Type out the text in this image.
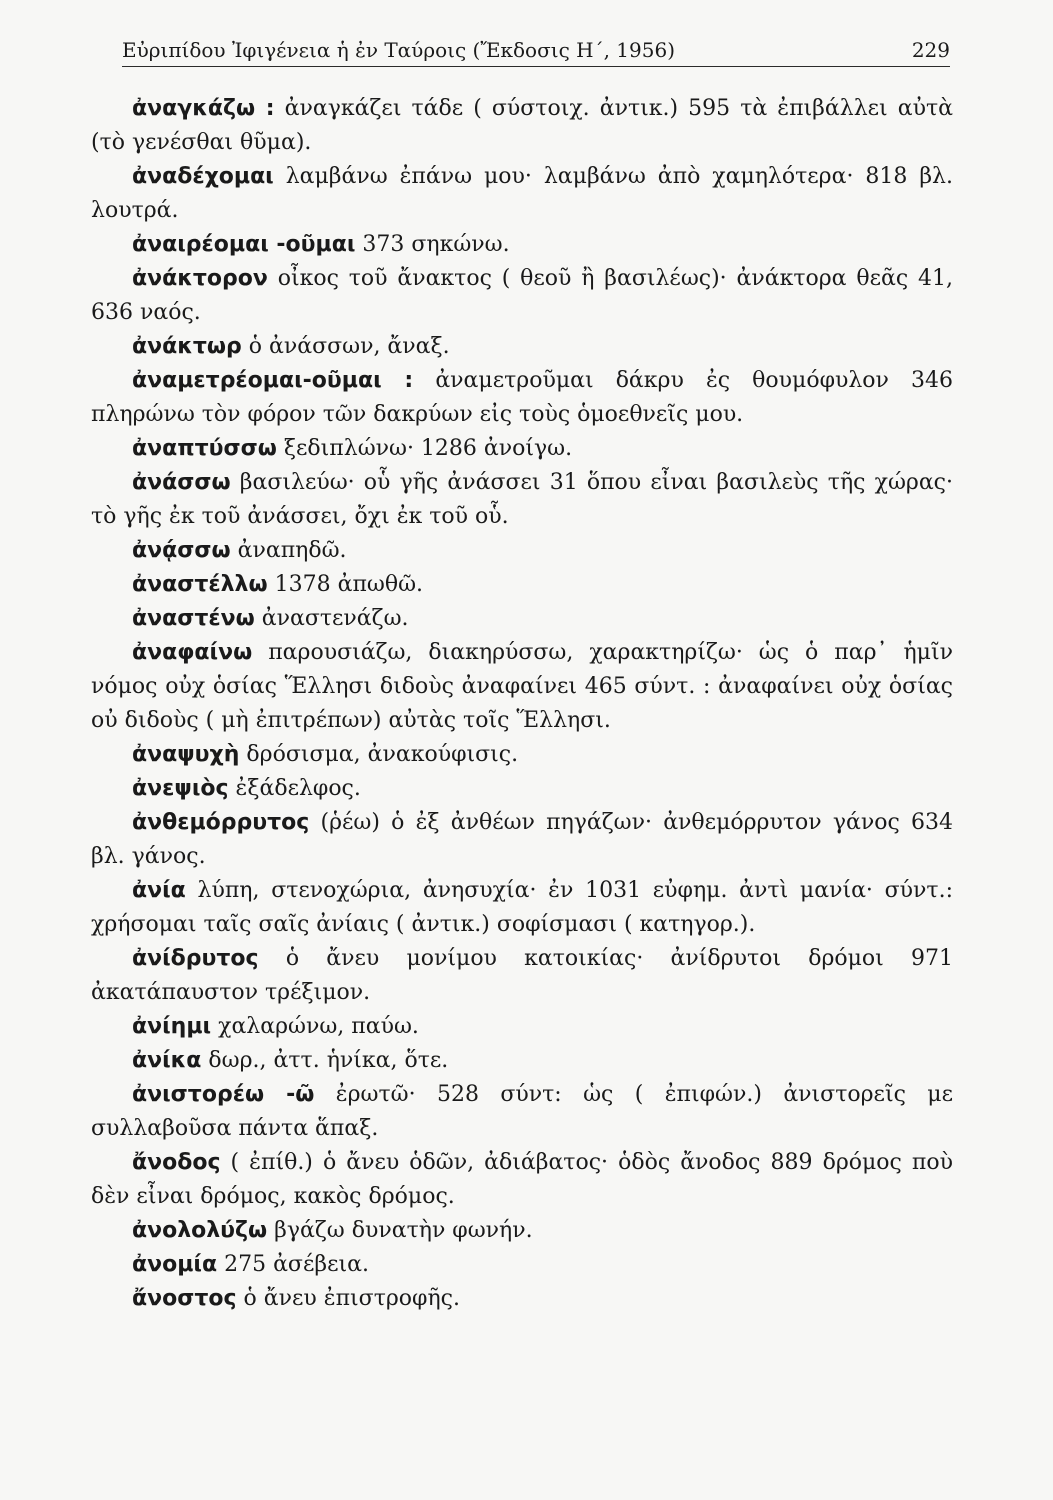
Εὐριπίδου Ἰφιγένεια ἡ ἐν Ταύροις (Ἔκδοσις Η΄, 1956)	229

ἀναγκάζω : ἀναγκάζει τάδε ( σύστοιχ. ἀντικ.) 595 τὰ ἐπιβάλλει αὐτὰ (τὸ γενέσθαι θῦμα).

ἀναδέχομαι λαμβάνω ἐπάνω μου· λαμβάνω ἀπὸ χαμηλότερα· 818 βλ. λουτρά.

ἀναιρέομαι -οῦμαι 373 σηκώνω.

ἀνάκτορον οἶκος τοῦ ἄνακτος ( θεοῦ ἢ βασιλέως)· ἀνάκτορα θεᾶς 41, 636 ναός.

ἀνάκτωρ ὁ ἀνάσσων, ἄναξ.

ἀναμετρέομαι-οῦμαι : ἀναμετροῦμαι δάκρυ ἐς θουμόφυλον 346 πληρώνω τὸν φόρον τῶν δακρύων εἰς τοὺς ὁμοεθνεῖς μου.

ἀναπτύσσω ξεδιπλώνω· 1286 ἀνοίγω.

ἀνάσσω βασιλεύω· οὗ γῆς ἀνάσσει 31 ὅπου εἶναι βασιλεὺς τῆς χώρας· τὸ γῆς ἐκ τοῦ ἀνάσσει, ὄχι ἐκ τοῦ οὗ.

ἀνᾴσσω ἀναπηδῶ.

ἀναστέλλω 1378 ἀπωθῶ.

ἀναστένω ἀναστενάζω.

ἀναφαίνω παρουσιάζω, διακηρύσσω, χαρακτηρίζω· ὡς ὁ παρ᾿ ἡμῖν νόμος οὐχ ὁσίας Ἕλλησι διδοὺς ἀναφαίνει 465 σύντ. : ἀναφαίνει οὐχ ὁσίας οὐ διδοὺς ( μὴ ἐπιτρέπων) αὐτὰς τοῖς Ἕλλησι.

ἀναψυχὴ δρόσισμα, ἀνακούφισις.

ἀνεψιὸς ἐξάδελφος.

ἀνθεμόρρυτος (ῥέω) ὁ ἐξ ἀνθέων πηγάζων· ἀνθεμόρρυτον γάνος 634 βλ. γάνος.

ἀνία λύπη, στενοχώρια, ἀνησυχία· ἐν 1031 εὐφημ. ἀντὶ μανία· σύντ.: χρήσομαι ταῖς σαῖς ἀνίαις ( ἀντικ.) σοφίσμασι ( κατηγορ.).

ἀνίδρυτος ὁ ἄνευ μονίμου κατοικίας· ἀνίδρυτοι δρόμοι 971 ἀκατάπαυστον τρέξιμον.

ἀνίημι χαλαρώνω, παύω.

ἀνίκα δωρ., ἀττ. ἡνίκα, ὅτε.

ἀνιστορέω -ῶ ἐρωτῶ· 528 σύντ: ὡς ( ἐπιφών.) ἀνιστορεῖς με συλλαβοῦσα πάντα ἅπαξ.

ἄνοδος ( ἐπίθ.) ὁ ἄνευ ὁδῶν, ἀδιάβατος· ὁδὸς ἄνοδος 889 δρόμος ποὺ δὲν εἶναι δρόμος, κακὸς δρόμος.

ἀνολολύζω βγάζω δυνατὴν φωνήν.

ἀνομία 275 ἀσέβεια.

ἄνοστος ὁ ἄνευ ἐπιστροφῆς.
